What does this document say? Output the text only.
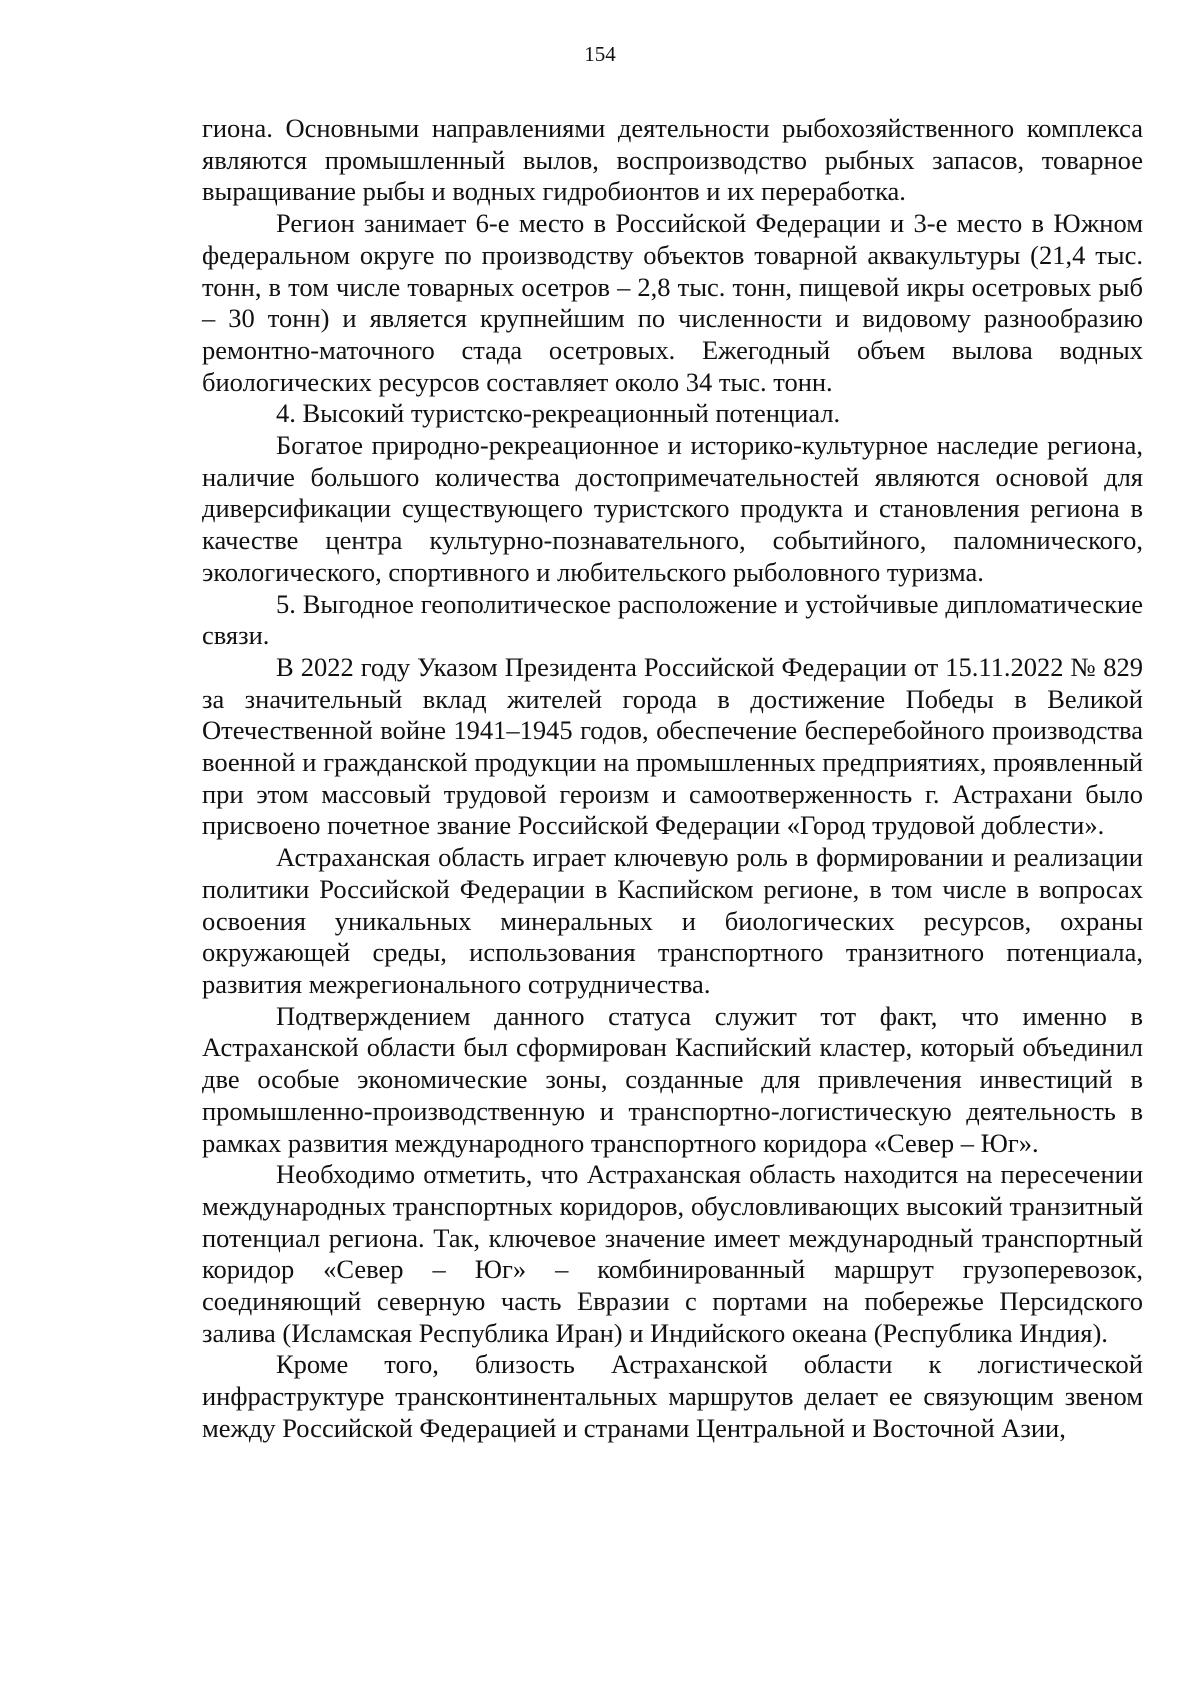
154

гиона. Основными направлениями деятельности рыбохозяйственного комплекса являются промышленный вылов, воспроизводство рыбных запасов, товарное выращивание рыбы и водных гидробионтов и их переработка.

Регион занимает 6-е место в Российской Федерации и 3-е место в Южном федеральном округе по производству объектов товарной аквакультуры (21,4 тыс. тонн, в том числе товарных осетров – 2,8 тыс. тонн, пищевой икры осетровых рыб – 30 тонн) и является крупнейшим по численности и видовому разнообразию ремонтно-маточного стада осетровых. Ежегодный объем вылова водных биологических ресурсов составляет около 34 тыс. тонн.

4. Высокий туристско-рекреационный потенциал.

Богатое природно-рекреационное и историко-культурное наследие региона, наличие большого количества достопримечательностей являются основой для диверсификации существующего туристского продукта и становления региона в качестве центра культурно-познавательного, событийного, паломнического, экологического, спортивного и любительского рыболовного туризма.

5. Выгодное геополитическое расположение и устойчивые дипломатические связи.

В 2022 году Указом Президента Российской Федерации от 15.11.2022 № 829 за значительный вклад жителей города в достижение Победы в Великой Отечественной войне 1941–1945 годов, обеспечение бесперебойного производства военной и гражданской продукции на промышленных предприятиях, проявленный при этом массовый трудовой героизм и самоотверженность г. Астрахани было присвоено почетное звание Российской Федерации «Город трудовой доблести».

Астраханская область играет ключевую роль в формировании и реализации политики Российской Федерации в Каспийском регионе, в том числе в вопросах освоения уникальных минеральных и биологических ресурсов, охраны окружающей среды, использования транспортного транзитного потенциала, развития межрегионального сотрудничества.

Подтверждением данного статуса служит тот факт, что именно в Астраханской области был сформирован Каспийский кластер, который объединил две особые экономические зоны, созданные для привлечения инвестиций в промышленно-производственную и транспортно-логистическую деятельность в рамках развития международного транспортного коридора «Север – Юг».

Необходимо отметить, что Астраханская область находится на пересечении международных транспортных коридоров, обусловливающих высокий транзитный потенциал региона. Так, ключевое значение имеет международный транспортный коридор «Север – Юг» – комбинированный маршрут грузоперевозок, соединяющий северную часть Евразии с портами на побережье Персидского залива (Исламская Республика Иран) и Индийского океана (Республика Индия).

Кроме того, близость Астраханской области к логистической инфраструктуре трансконтинентальных маршрутов делает ее связующим звеном между Российской Федерацией и странами Центральной и Восточной Азии,
